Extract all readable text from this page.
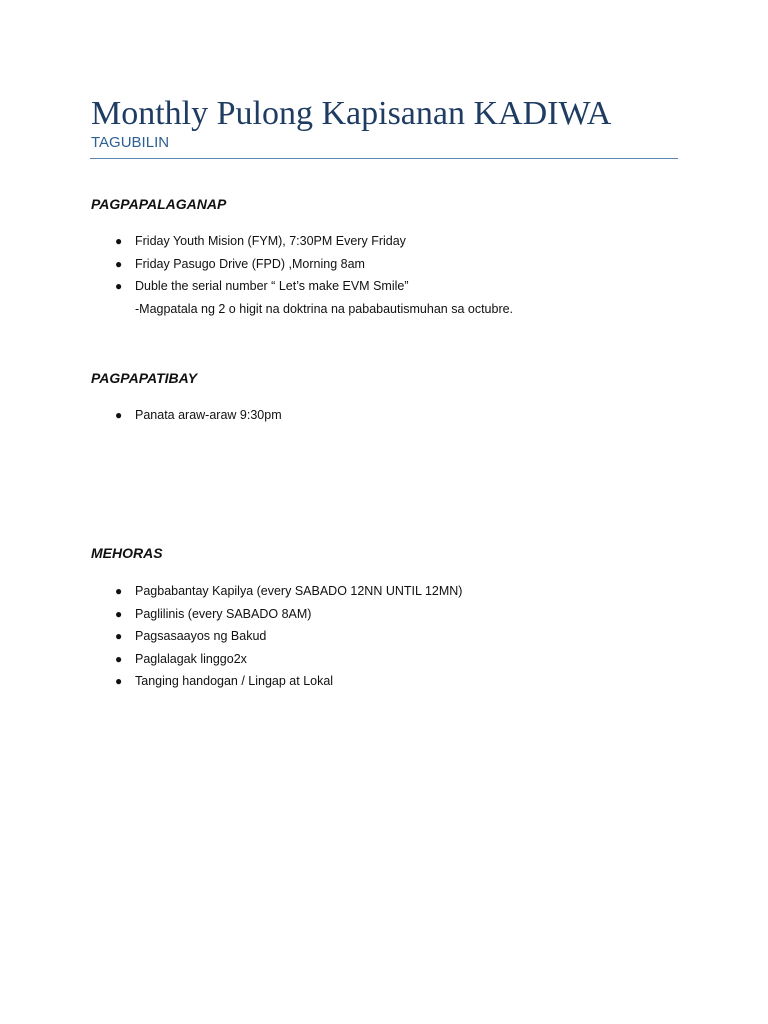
Monthly Pulong Kapisanan KADIWA
TAGUBILIN
PAGPAPALAGANAP
● Friday Youth Mision (FYM), 7:30PM Every Friday
● Friday Pasugo Drive (FPD) ,Morning 8am
● Duble the serial number “ Let’s make EVM Smile”
-Magpatala ng 2 o higit na doktrina na pababautismuhan sa octubre.
PAGPAPATIBAY
● Panata araw-araw 9:30pm
MEHORAS
● Pagbabantay Kapilya (every SABADO 12NN UNTIL 12MN)
● Paglilinis (every SABADO 8AM)
● Pagsasaayos ng Bakud
● Paglalagak linggo2x
● Tanging handogan / Lingap at Lokal
